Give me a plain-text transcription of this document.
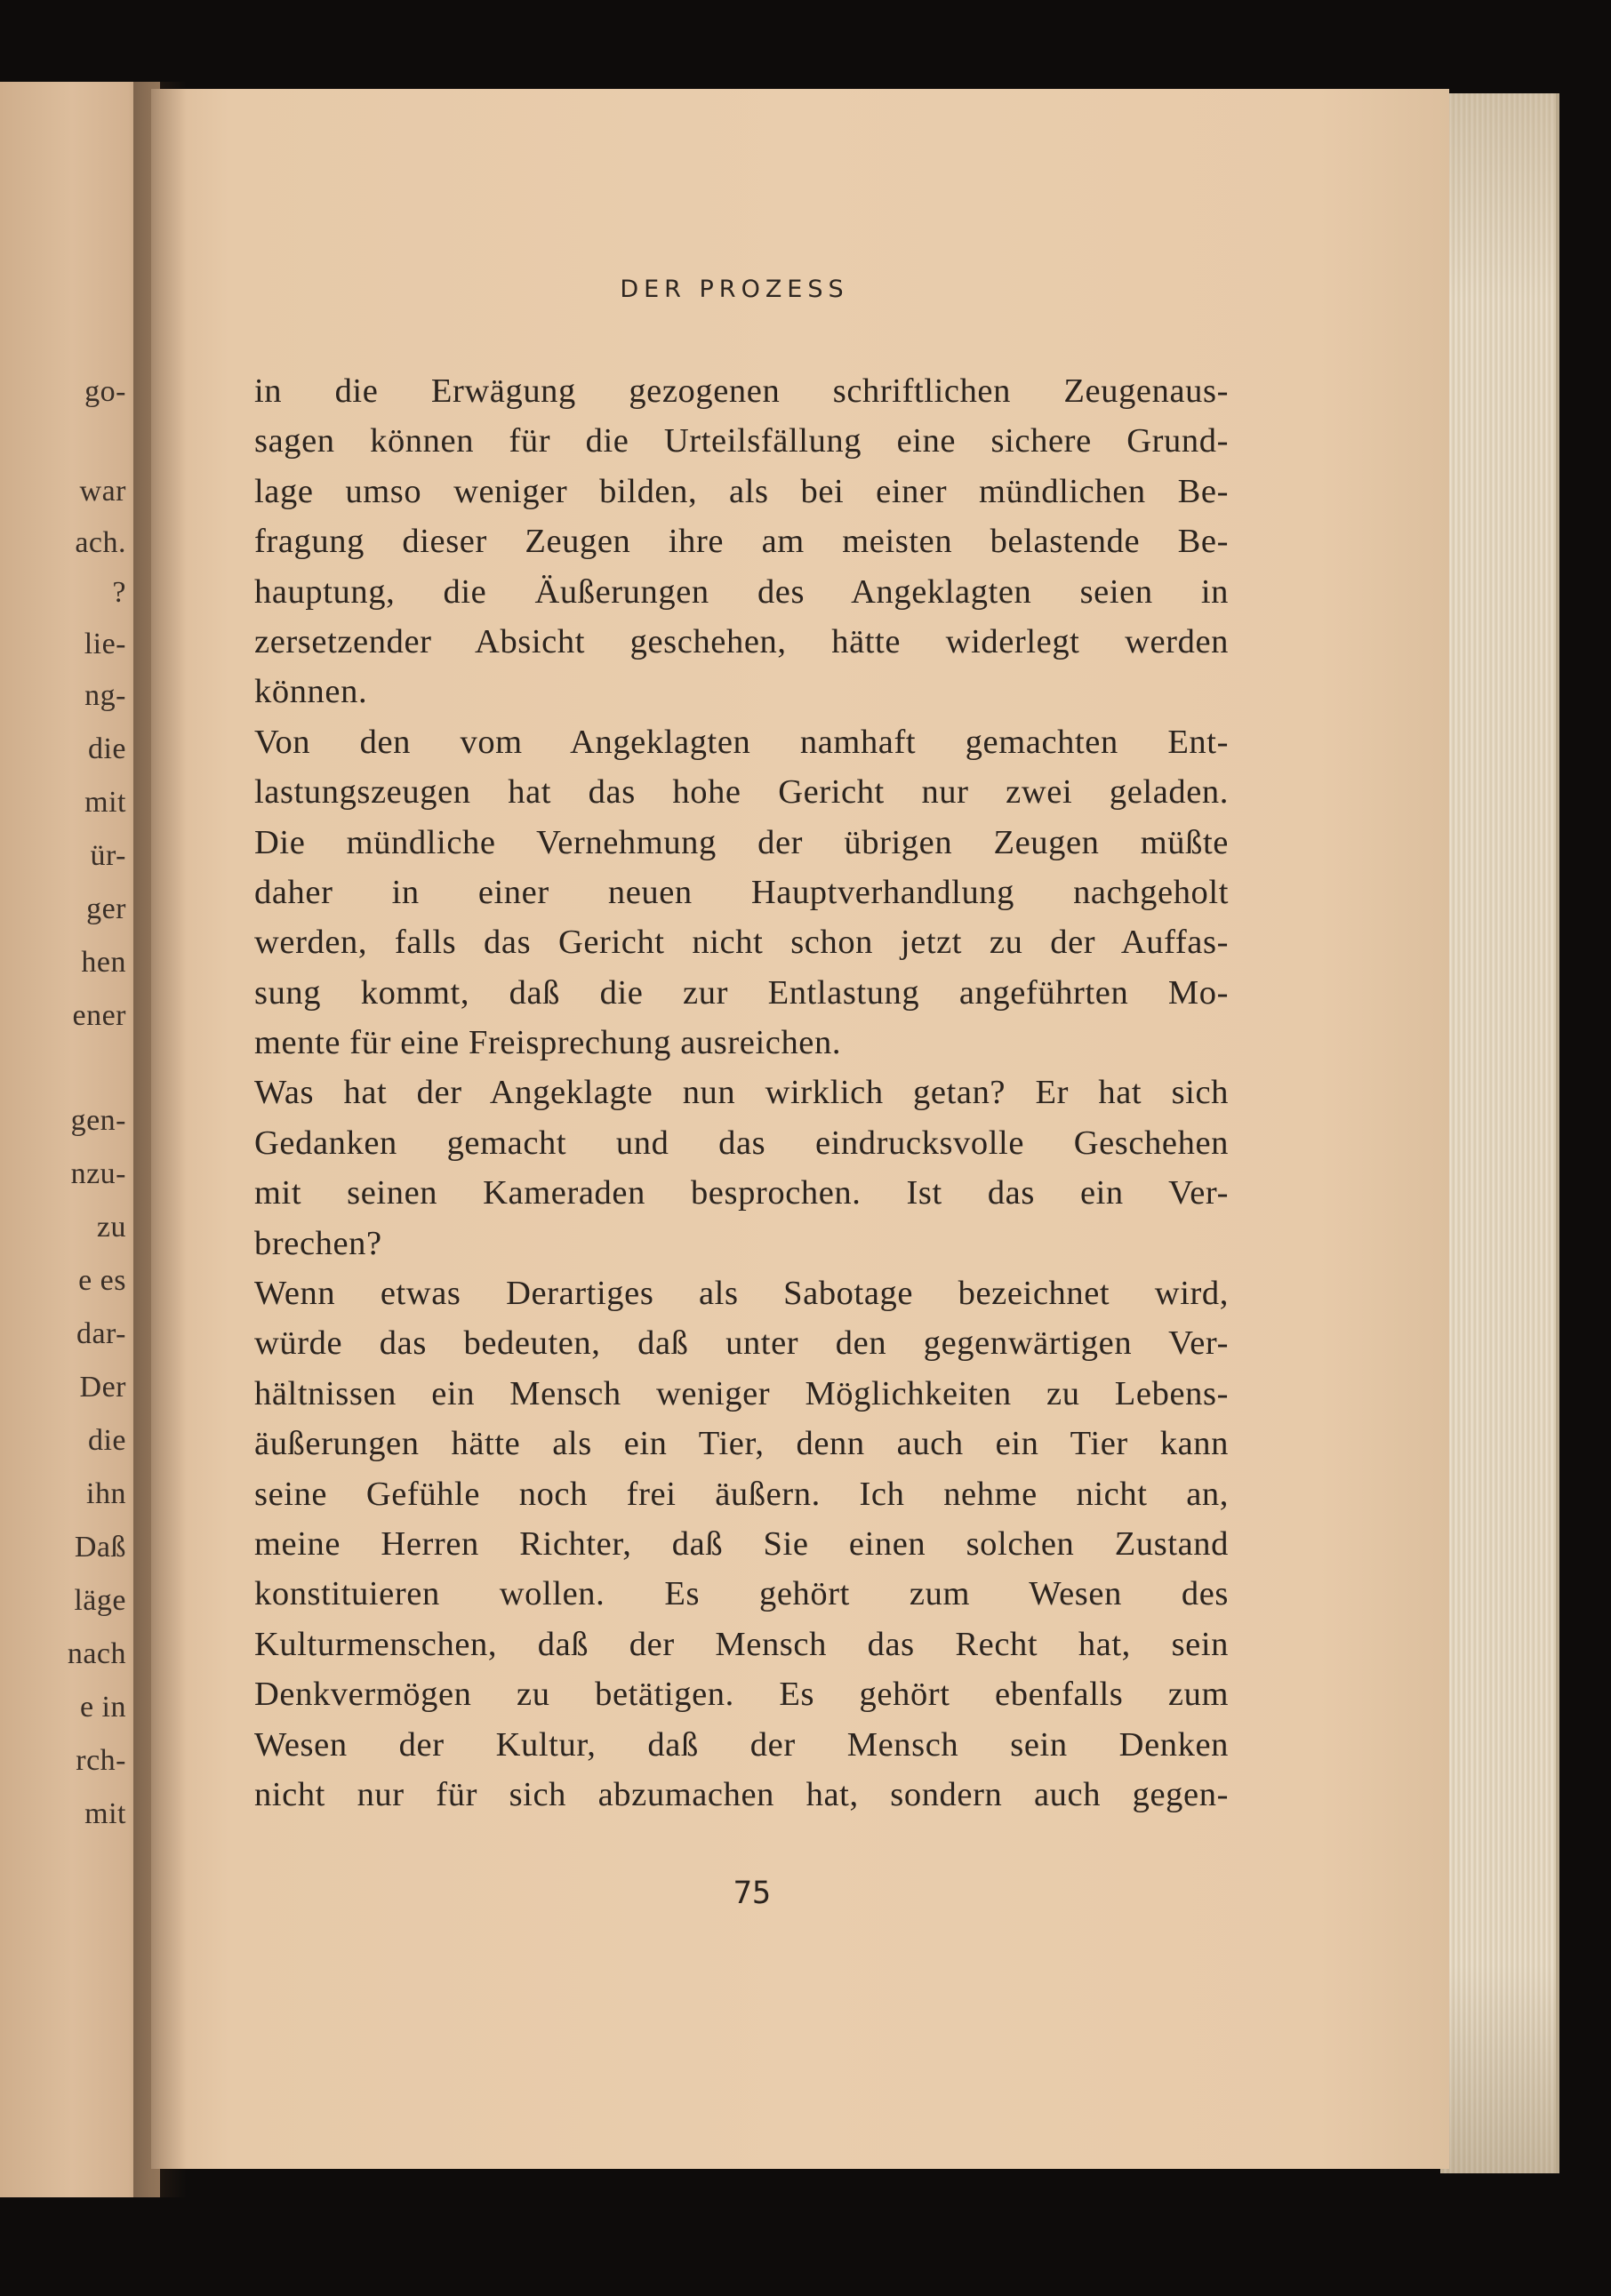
go-
war
ach.
?
lie-
ng-
die
mit
ür-
ger
hen
ener
gen-
nzu-
zu
e es
dar-
Der
die
ihn
Daß
läge
nach
e in
rch-
mit
DER PROZESS
in die Erwägung gezogenen schriftlichen Zeugenaus-
sagen können für die Urteilsfällung eine sichere Grund-
lage umso weniger bilden, als bei einer mündlichen Be-
fragung dieser Zeugen ihre am meisten belastende Be-
hauptung, die Äußerungen des Angeklagten seien in
zersetzender Absicht geschehen, hätte widerlegt werden
können.
Von den vom Angeklagten namhaft gemachten Ent-
lastungszeugen hat das hohe Gericht nur zwei geladen.
Die mündliche Vernehmung der übrigen Zeugen müßte
daher in einer neuen Hauptverhandlung nachgeholt
werden, falls das Gericht nicht schon jetzt zu der Auffas-
sung kommt, daß die zur Entlastung angeführten Mo-
mente für eine Freisprechung ausreichen.
Was hat der Angeklagte nun wirklich getan? Er hat sich
Gedanken gemacht und das eindrucksvolle Geschehen
mit seinen Kameraden besprochen. Ist das ein Ver-
brechen?
Wenn etwas Derartiges als Sabotage bezeichnet wird,
würde das bedeuten, daß unter den gegenwärtigen Ver-
hältnissen ein Mensch weniger Möglichkeiten zu Lebens-
äußerungen hätte als ein Tier, denn auch ein Tier kann
seine Gefühle noch frei äußern. Ich nehme nicht an,
meine Herren Richter, daß Sie einen solchen Zustand
konstituieren wollen. Es gehört zum Wesen des
Kulturmenschen, daß der Mensch das Recht hat, sein
Denkvermögen zu betätigen. Es gehört ebenfalls zum
Wesen der Kultur, daß der Mensch sein Denken
nicht nur für sich abzumachen hat, sondern auch gegen-
75
